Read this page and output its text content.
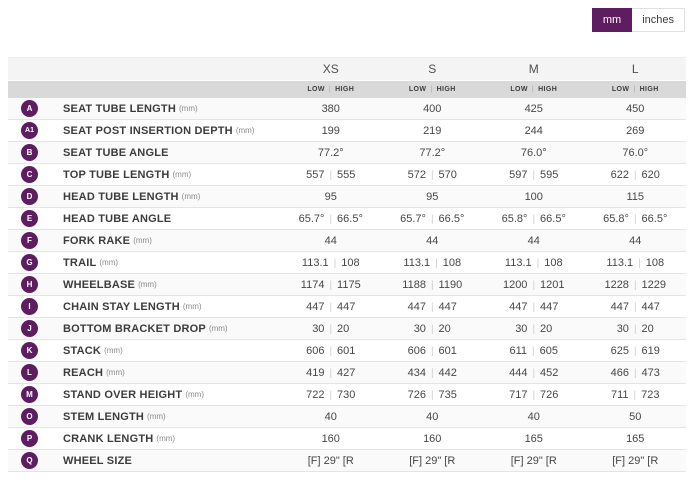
mm	inches
XS	S	M	L
LOW | HIGH	LOW | HIGH	LOW | HIGH	LOW | HIGH
A	SEAT TUBE LENGTH (mm)	380	400	425	450
A1	SEAT POST INSERTION DEPTH (mm)	199	219	244	269
B	SEAT TUBE ANGLE	77.2°	77.2°	76.0°	76.0°
C	TOP TUBE LENGTH (mm)	557 | 555	572 | 570	597 | 595	622 | 620
D	HEAD TUBE LENGTH (mm)	95	95	100	115
E	HEAD TUBE ANGLE	65.7° | 66.5°	65.7° | 66.5°	65.8° | 66.5°	65.8° | 66.5°
F	FORK RAKE (mm)	44	44	44	44
G	TRAIL (mm)	113.1 | 108	113.1 | 108	113.1 | 108	113.1 | 108
H	WHEELBASE (mm)	1174 | 1175	1188 | 1190	1200 | 1201	1228 | 1229
I	CHAIN STAY LENGTH (mm)	447 | 447	447 | 447	447 | 447	447 | 447
J	BOTTOM BRACKET DROP (mm)	30 | 20	30 | 20	30 | 20	30 | 20
K	STACK (mm)	606 | 601	606 | 601	611 | 605	625 | 619
L	REACH (mm)	419 | 427	434 | 442	444 | 452	466 | 473
M	STAND OVER HEIGHT (mm)	722 | 730	726 | 735	717 | 726	711 | 723
O	STEM LENGTH (mm)	40	40	40	50
P	CRANK LENGTH (mm)	160	160	165	165
Q	WHEEL SIZE	[F] 29" [R	[F] 29" [R	[F] 29" [R	[F] 29" [R
